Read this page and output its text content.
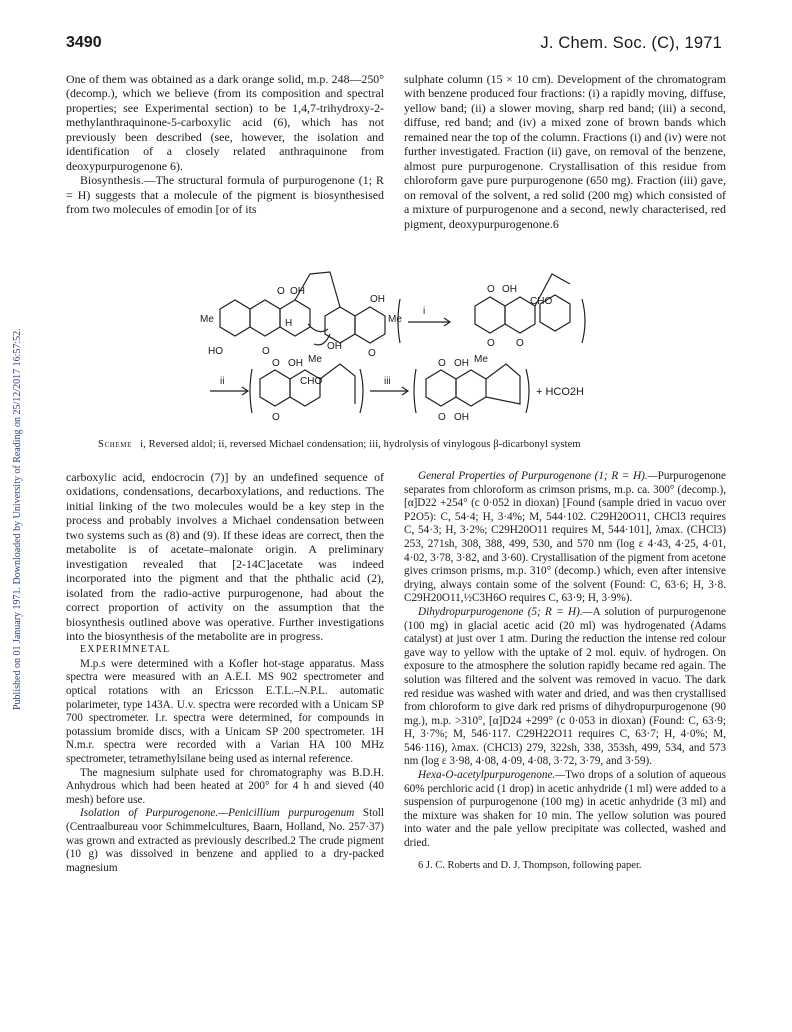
3490	J. Chem. Soc. (C), 1971
Published on 01 January 1971. Downloaded by University of Reading on 25/12/2017 16:57:52.

One of them was obtained as a dark orange solid, m.p. 248—250° (decomp.), which we believe (from its composition and spectral properties; see Experimental section) to be 1,4,7-trihydroxy-2-methylanthraquinone-5-carboxylic acid (6), which has not previously been described (see, however, the isolation and identification of a closely related anthraquinone from deoxypurpurogenone 6).

Biosynthesis.—The structural formula of purpurogenone (1; R = H) suggests that a molecule of the pigment is biosynthesised from two molecules of emodin [or of its

sulphate column (15 × 10 cm). Development of the chromatogram with benzene produced four fractions: (i) a rapidly moving, diffuse, yellow band; (ii) a slower moving, sharp red band; (iii) a second, diffuse, red band; and (iv) a mixed zone of brown bands which remained near the top of the column. Fractions (i) and (iv) were not further investigated. Fraction (ii) gave, on removal of the benzene, almost pure purpurogenone. Crystallisation of this residue from chloroform gave pure purpurogenone (650 mg). Fraction (iii) gave, on removal of the solvent, a red solid (200 mg) which consisted of a mixture of purpurogenone and a second, newly characterised, red pigment, deoxypurpurogenone.6

O OH
Me
HO	O
H
OH
OH
Me
O
i
O OH
CHO
O O
ii
O OH Me
CHO
O
iii
O OH Me
O OH
+ HCO2H
Scheme i, Reversed aldol; ii, reversed Michael condensation; iii, hydrolysis of vinylogous β-dicarbonyl system

carboxylic acid, endocrocin (7)] by an undefined sequence of oxidations, condensations, decarboxylations, and reductions. The initial linking of the two molecules would be a key step in the process and probably involves a Michael condensation between two systems such as (8) and (9). If these ideas are correct, then the metabolite is of acetate–malonate origin. A preliminary investigation revealed that [2-14C]acetate was indeed incorporated into the pigment and that the phthalic acid (2), isolated from the radio-active purpurogenone, had about the correct proportion of activity on the assumption that the biosynthesis outlined above was operative. Further investigations into the biosynthesis of the metabolite are in progress.

EXPERIMNETAL

M.p.s were determined with a Kofler hot-stage apparatus. Mass spectra were measured with an A.E.I. MS 902 spectrometer and optical rotations with an Ericsson E.T.L.–N.P.L. automatic polarimeter, type 143A. U.v. spectra were recorded with a Unicam SP 700 spectrometer. I.r. spectra were determined, for compounds in potassium bromide discs, with a Unicam SP 200 spectrometer. 1H N.m.r. spectra were recorded with a Varian HA 100 MHz spectrometer, tetramethylsilane being used as internal reference.

The magnesium sulphate used for chromatography was B.D.H. Anhydrous which had been heated at 200° for 4 h and sieved (40 mesh) before use.

Isolation of Purpurogenone.—Penicillium purpurogenum Stoll (Centraalbureau voor Schimmelcultures, Baarn, Holland, No. 257·37) was grown and extracted as previously described.2 The crude pigment (10 g) was dissolved in benzene and applied to a dry-packed magnesium

General Properties of Purpurogenone (1; R = H).—Purpurogenone separates from chloroform as crimson prisms, m.p. ca. 300° (decomp.), [α]D22 +254° (c 0·052 in dioxan) [Found (sample dried in vacuo over P2O5): C, 54·4; H, 3·4%; M, 544·102. C29H20O11, CHCl3 requires C, 54·3; H, 3·2%; C29H20O11 requires M, 544·101], λmax. (CHCl3) 253, 271sh, 308, 388, 499, 530, and 570 nm (log ε 4·43, 4·25, 4·01, 4·02, 3·78, 3·82, and 3·60). Crystallisation of the pigment from acetone gives crimson prisms, m.p. 310° (decomp.) which, even after intensive drying, always contain some of the solvent (Found: C, 63·6; H, 3·8. C29H20O11,½C3H6O requires C, 63·9; H, 3·9%).

Dihydropurpurogenone (5; R = H).—A solution of purpurogenone (100 mg) in glacial acetic acid (20 ml) was hydrogenated (Adams catalyst) at just over 1 atm. During the reduction the intense red colour gave way to yellow with the uptake of 2 mol. equiv. of hydrogen. On exposure to the atmosphere the solution rapidly became red again. The solution was filtered and the solvent was removed in vacuo. The dark red residue was washed with water and dried, and was then crystallised from chloroform to give dark red prisms of dihydropurpurogenone (90 mg.), m.p. >310°, [α]D24 +299° (c 0·053 in dioxan) (Found: C, 63·9; H, 3·7%; M, 546·117. C29H22O11 requires C, 63·7; H, 4·0%; M, 546·116), λmax. (CHCl3) 279, 322sh, 338, 353sh, 499, 534, and 573 nm (log ε 3·98, 4·08, 4·09, 4·08, 3·72, 3·79, and 3·59).

Hexa-O-acetylpurpurogenone.—Two drops of a solution of aqueous 60% perchloric acid (1 drop) in acetic anhydride (1 ml) were added to a suspension of purpurogenone (100 mg) in acetic anhydride (3 ml) and the mixture was shaken for 10 min. The yellow solution was poured into water and the pale yellow precipitate was collected, washed and dried.

6 J. C. Roberts and D. J. Thompson, following paper.
